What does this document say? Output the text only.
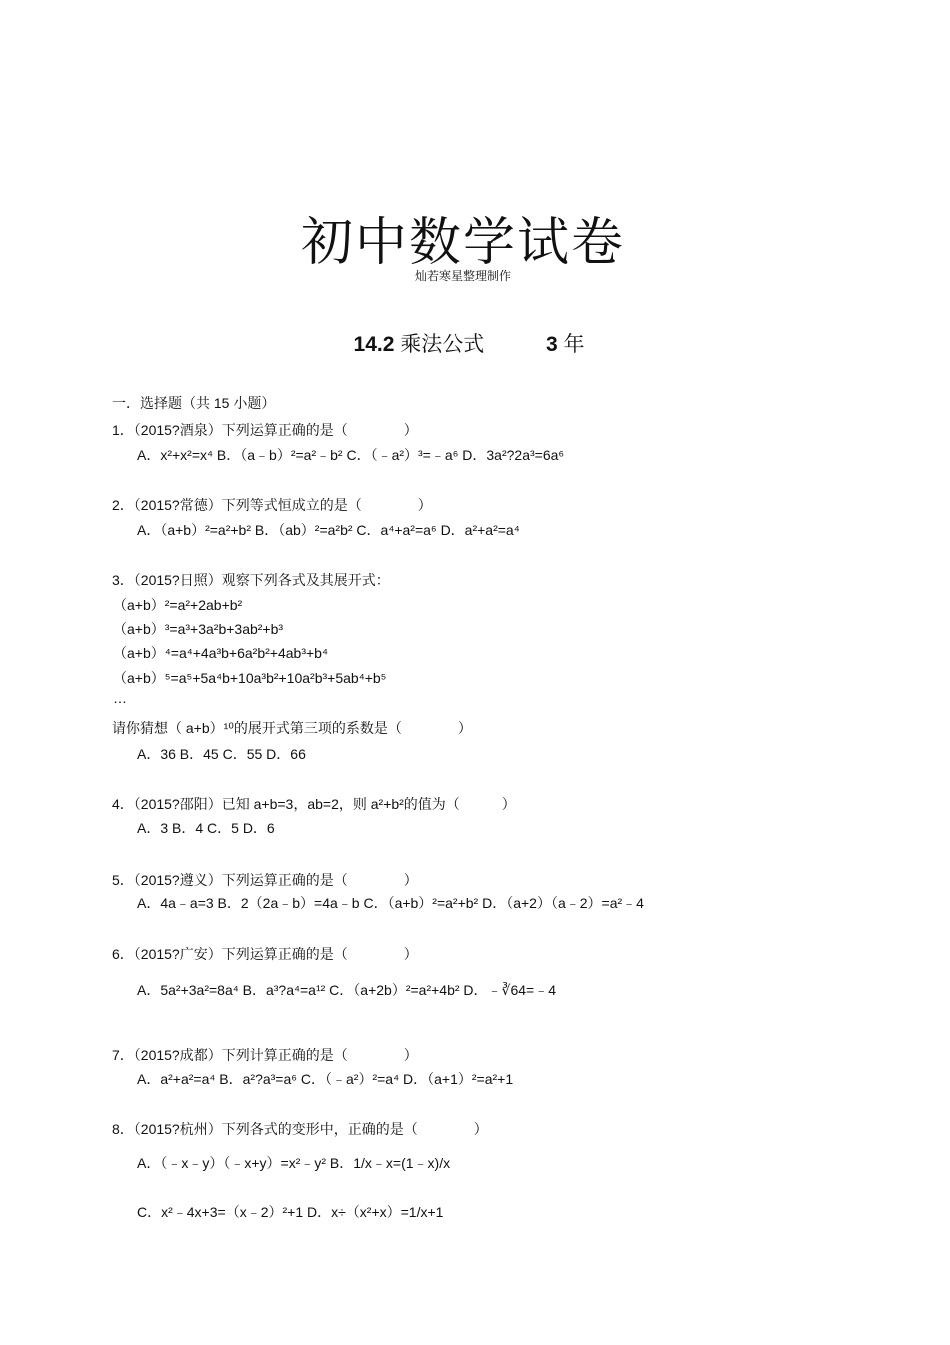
初中数学试卷
灿若寒星整理制作
14.2 乘法公式	3 年
一．选择题（共 15 小题）
1．（2015?酒泉）下列运算正确的是（　　　　）
A．x²+x²=x⁴ B．（a﹣b）²=a²﹣b² C．（﹣a²）³=﹣a⁶ D．3a²?2a³=6a⁶
2．（2015?常德）下列等式恒成立的是（　　　　）
A．（a+b）²=a²+b² B．（ab）²=a²b² C．a⁴+a²=a⁶ D．a²+a²=a⁴
3．（2015?日照）观察下列各式及其展开式：
（a+b）²=a²+2ab+b²
（a+b）³=a³+3a²b+3ab²+b³
（a+b）⁴=a⁴+4a³b+6a²b²+4ab³+b⁴
（a+b）⁵=a⁵+5a⁴b+10a³b²+10a²b³+5ab⁴+b⁵
…
请你猜想（ a+b）¹⁰的展开式第三项的系数是（　　　　）
A．36 B．45 C．55 D．66
4．（2015?邵阳）已知 a+b=3，ab=2，则 a²+b²的值为（　　　）
A．3 B．4 C．5 D．6
5．（2015?遵义）下列运算正确的是（　　　　）
A．4a﹣a=3 B．2（2a﹣b）=4a﹣b C．（a+b）²=a²+b² D．（a+2）（a﹣2）=a²﹣4
6．（2015?广安）下列运算正确的是（　　　　）
A．5a²+3a²=8a⁴ B．a³?a⁴=a¹² C．（a+2b）²=a²+4b² D．﹣∛64=﹣4
7．（2015?成都）下列计算正确的是（　　　　）
A．a²+a²=a⁴ B．a²?a³=a⁶ C．（﹣a²）²=a⁴ D．（a+1）²=a²+1
8．（2015?杭州）下列各式的变形中，正确的是（　　　　）
A．（﹣x﹣y）（﹣x+y）=x²﹣y² B．1/x﹣x=(1﹣x)/x
C．x²﹣4x+3=（x﹣2）²+1 D．x÷（x²+x）=1/x+1
